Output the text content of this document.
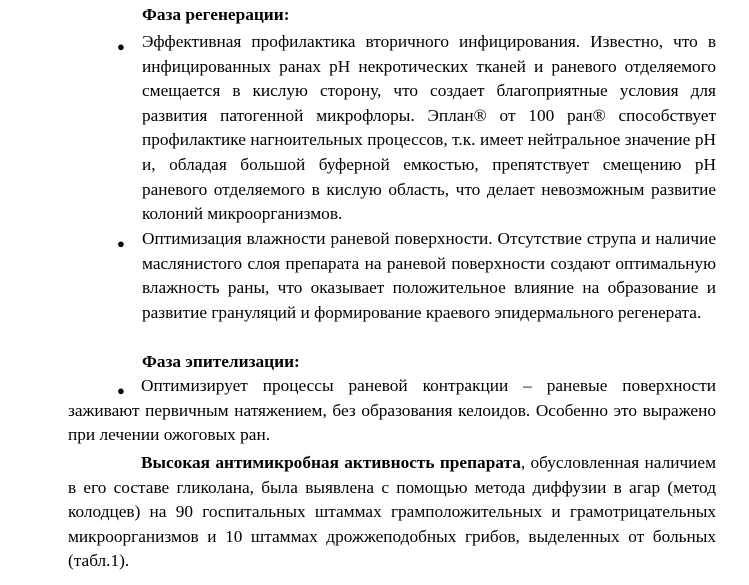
Фаза регенерации:
● Эффективная профилактика вторичного инфицирования. Известно, что в инфицированных ранах pH некротических тканей и раневого отделяемого смещается в кислую сторону, что создает благоприятные условия для развития патогенной микрофлоры. Эплан® от 100 ран® способствует профилактике нагноительных процессов, т.к. имеет нейтральное значение pH и, обладая большой буферной емкостью, препятствует смещению pH раневого отделяемого в кислую область, что делает невозможным развитие колоний микроорганизмов.
● Оптимизация влажности раневой поверхности. Отсутствие струпа и наличие маслянистого слоя препарата на раневой поверхности создают оптимальную влажность раны, что оказывает положительное влияние на образование и развитие грануляций и формирование краевого эпидермального регенерата.
Фаза эпителизации:
● Оптимизирует процессы раневой контракции – раневые поверхности заживают первичным натяжением, без образования келоидов. Особенно это выражено при лечении ожоговых ран.
Высокая антимикробная активность препарата, обусловленная наличием в его составе гликолана, была выявлена с помощью метода диффузии в агар (метод колодцев) на 90 госпитальных штаммах грамположительных и грамотрицательных микроорганизмов и 10 штаммах дрожжеподобных грибов, выделенных от больных (табл.1).
